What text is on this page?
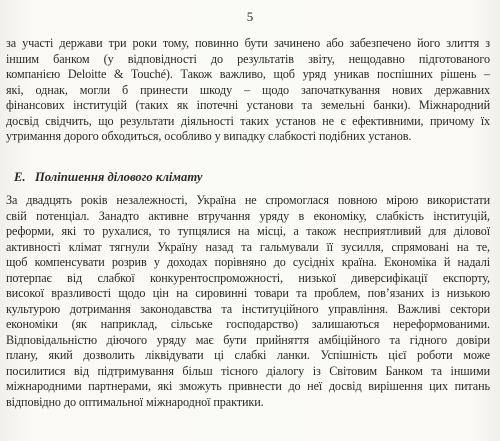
5
за участі держави три роки тому, повинно бути зачинено або забезпечено його злиття з
іншим банком (у відповідності до результатів звіту, нещодавно підготованого
компанією Deloitte & Touché). Також важливо, щоб уряд уникав поспішних рішень –
які, однак, могли б принести шкоду – щодо започаткування нових державних
фінансових інституцій (таких як іпотечні установи та земельні банки). Міжнародний
досвід свідчить, що результати діяльності таких установ не є ефективними, причому їх
утримання дорого обходиться, особливо у випадку слабкості подібних установ.
E. Поліпшення ділового клімату
За двадцять років незалежності, Україна не спромоглася повною мірою використати
свій потенціал. Занадто активне втручання уряду в економіку, слабкість інституцій,
реформи, які то рухалися, то тупцялися на місці, а також несприятливий для ділової
активності клімат тягнули Україну назад та гальмували її зусилля, спрямовані на те,
щоб компенсувати розрив у доходах порівняно до сусідніх країна. Економіка й надалі
потерпає від слабкої конкурентоспроможності, низької диверсифікації експорту,
високої вразливості щодо цін на сировинні товари та проблем, пов’язаних із низькою
культурою дотримання законодавства та інституційного управління. Важливі сектори
економіки (як наприклад, сільське господарство) залишаються нереформованими.
Відповідальністю діючого уряду має бути прийняття амбіційного та гідного довіри
плану, який дозволить ліквідувати ці слабкі ланки. Успішність цієї роботи може
посилитися від підтримування більш тісного діалогу із Світовим Банком та іншими
міжнародними партнерами, які зможуть привнести до неї досвід вирішення цих питань
відповідно до оптимальної міжнародної практики.
